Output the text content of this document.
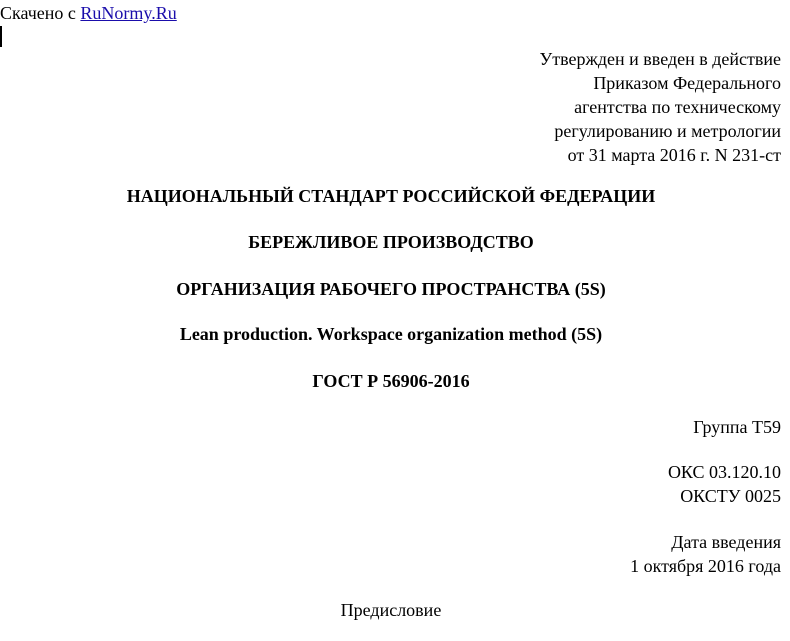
Скачено с RuNormy.Ru
Утвержден и введен в действие
Приказом Федерального
агентства по техническому
регулированию и метрологии
от 31 марта 2016 г. N 231-ст
НАЦИОНАЛЬНЫЙ СТАНДАРТ РОССИЙСКОЙ ФЕДЕРАЦИИ
БЕРЕЖЛИВОЕ ПРОИЗВОДСТВО
ОРГАНИЗАЦИЯ РАБОЧЕГО ПРОСТРАНСТВА (5S)
Lean production. Workspace organization method (5S)
ГОСТ Р 56906-2016
Группа Т59
ОКС 03.120.10
ОКСТУ 0025
Дата введения
1 октября 2016 года
Предисловие
